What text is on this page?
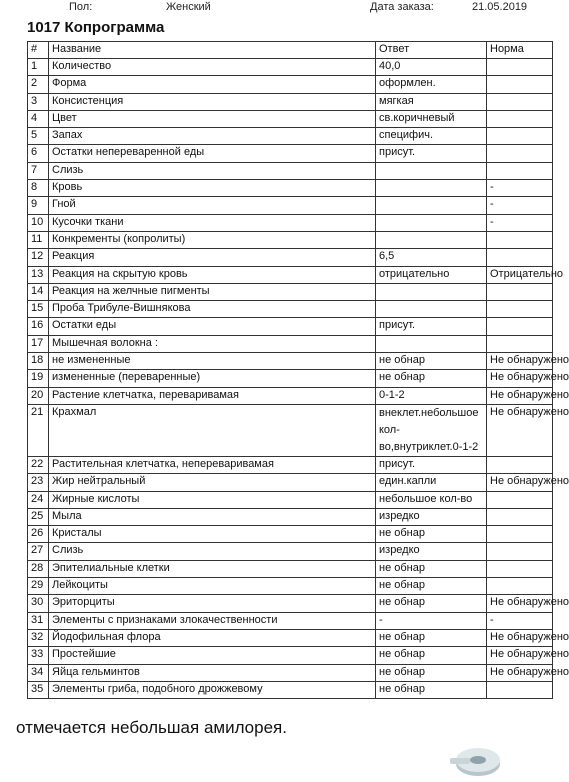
Пол:	Женский	Дата заказа:	21.05.2019
1017 Копрограмма
#	Название	Ответ	Норма
1	Количество	40,0	
2	Форма	оформлен.	
3	Консистенция	мягкая	
4	Цвет	св.коричневый	
5	Запах	специфич.	
6	Остатки непереваренной еды	присут.	
7	Слизь		
8	Кровь		-
9	Гной		-
10	Кусочки ткани		-
11	Конкременты (копролиты)		
12	Реакция	6,5	
13	Реакция на скрытую кровь	отрицательно	Отрицательно
14	Реакция на желчные пигменты		
15	Проба Трибуле-Вишнякова		
16	Остатки еды	присут.	
17	Мышечная волокна :		
18	не измененные	не обнар	Не обнаружено
19	измененные (переваренные)	не обнар	Не обнаружено
20	Растение клетчатка, переваривамая	0-1-2	Не обнаружено
21	Крахмал	внеклет.небольшое кол-во,внутриклет.0-1-2	Не обнаружено
22	Растительная клетчатка, непереваривамая	присут.	
23	Жир нейтральный	един.капли	Не обнаружено
24	Жирные кислоты	небольшое кол-во	
25	Мыла	изредко	
26	Кристалы	не обнар	
27	Слизь	изредко	
28	Эпителиальные клетки	не обнар	
29	Лейкоциты	не обнар	
30	Эриторциты	не обнар	Не обнаружено
31	Элементы с признаками злокачественности	-	-
32	Йодофильная флора	не обнар	Не обнаружено
33	Простейшие	не обнар	Не обнаружено
34	Яйца гельминтов	не обнар	Не обнаружено
35	Элементы гриба, подобного дрожжевому	не обнар	
отмечается небольшая амилорея.
